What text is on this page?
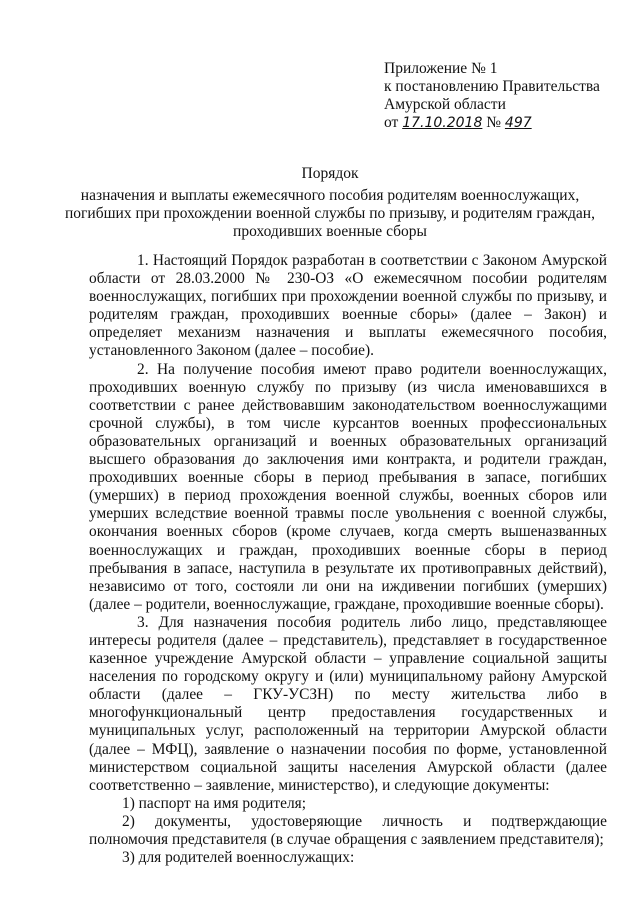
Приложение № 1
к постановлению Правительства
Амурской области
от 17.10.2018 № 497
Порядок
назначения и выплаты ежемесячного пособия родителям военнослужащих, погибших при прохождении военной службы по призыву, и родителям граждан, проходивших военные сборы

1. Настоящий Порядок разработан в соответствии с Законом Амурской области от 28.03.2000 № 230-ОЗ «О ежемесячном пособии родителям военнослужащих, погибших при прохождении военной службы по призыву, и родителям граждан, проходивших военные сборы» (далее – Закон) и определяет механизм назначения и выплаты ежемесячного пособия, установленного Законом (далее – пособие).

2. На получение пособия имеют право родители военнослужащих, проходивших военную службу по призыву (из числа именовавшихся в соответствии с ранее действовавшим законодательством военнослужащими срочной службы), в том числе курсантов военных профессиональных образовательных организаций и военных образовательных организаций высшего образования до заключения ими контракта, и родители граждан, проходивших военные сборы в период пребывания в запасе, погибших (умерших) в период прохождения военной службы, военных сборов или умерших вследствие военной травмы после увольнения с военной службы, окончания военных сборов (кроме случаев, когда смерть вышеназванных военнослужащих и граждан, проходивших военные сборы в период пребывания в запасе, наступила в результате их противоправных действий), независимо от того, состояли ли они на иждивении погибших (умерших) (далее – родители, военнослужащие, граждане, проходившие военные сборы).

3. Для назначения пособия родитель либо лицо, представляющее интересы родителя (далее – представитель), представляет в государственное казенное учреждение Амурской области – управление социальной защиты населения по городскому округу и (или) муниципальному району Амурской области (далее – ГКУ-УСЗН) по месту жительства либо в многофункциональный центр предоставления государственных и муниципальных услуг, расположенный на территории Амурской области (далее – МФЦ), заявление о назначении пособия по форме, установленной министерством социальной защиты населения Амурской области (далее соответственно – заявление, министерство), и следующие документы:

1) паспорт на имя родителя;

2) документы, удостоверяющие личность и подтверждающие полномочия представителя (в случае обращения с заявлением представителя);

3) для родителей военнослужащих:
